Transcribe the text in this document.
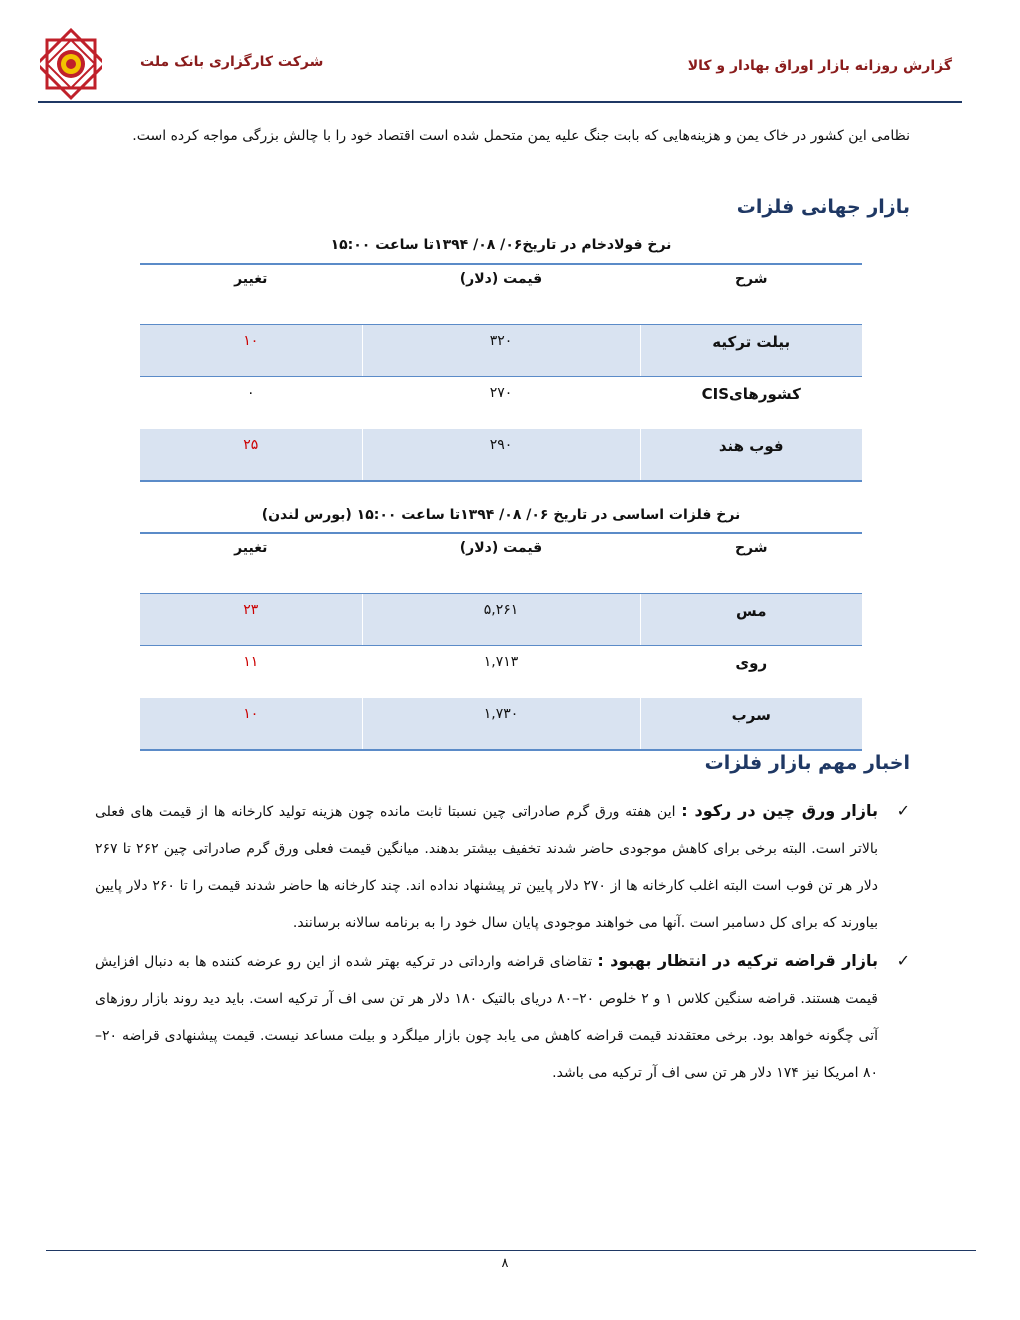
شرکت کارگزاری بانک ملت	گزارش روزانه بازار اوراق بهادار و کالا
نظامی این کشور در خاک یمن و هزینه‌هایی که بابت جنگ علیه یمن متحمل شده است اقتصاد خود را با چالش بزرگی مواجه کرده است.
بازار جهانی فلزات
نرخ فولادخام در تاریخ۰۶/ ۰۸/ ۱۳۹۴تا ساعت ۱۵:۰۰
شرح	قیمت (دلار)	تغییر
بیلت ترکیه	۳۲۰	۱۰
کشورهایCIS	۲۷۰	۰
فوب هند	۲۹۰	۲۵
نرخ فلزات اساسی در تاریخ ۰۶/ ۰۸/ ۱۳۹۴تا ساعت ۱۵:۰۰ (بورس لندن)
شرح	قیمت (دلار)	تغییر
مس	۵,۲۶۱	۲۳
روی	۱,۷۱۳	۱۱
سرب	۱,۷۳۰	۱۰
اخبار مهم بازار فلزات
✓
بازار ورق چین در رکود : این هفته ورق گرم صادراتی چین نسبتا ثابت مانده چون هزینه تولید کارخانه ها از قیمت های فعلی بالاتر است. البته برخی برای کاهش موجودی حاضر شدند تخفیف بیشتر بدهند. میانگین قیمت فعلی ورق گرم صادراتی چین ۲۶۲ تا ۲۶۷ دلار هر تن فوب است البته اغلب کارخانه ها از ۲۷۰ دلار پایین تر پیشنهاد نداده اند. چند کارخانه ها حاضر شدند قیمت را تا ۲۶۰ دلار پایین بیاورند که برای کل دسامبر است .آنها می خواهند موجودی پایان سال خود را به برنامه سالانه برسانند.
✓
بازار قراضه ترکیه در انتظار بهبود : تقاضای قراضه وارداتی در ترکیه بهتر شده از این رو عرضه کننده ها به دنبال افزایش قیمت هستند. قراضه سنگین کلاس ۱ و ۲ خلوص ۲۰–۸۰ دریای بالتیک ۱۸۰ دلار هر تن سی اف آر ترکیه است. باید دید روند بازار روزهای آتی چگونه خواهد بود. برخی معتقدند قیمت قراضه کاهش می یابد چون بازار میلگرد و بیلت مساعد نیست. قیمت پیشنهادی قراضه ۲۰–۸۰ امریکا نیز ۱۷۴ دلار هر تن سی اف آر ترکیه می باشد.
۸
